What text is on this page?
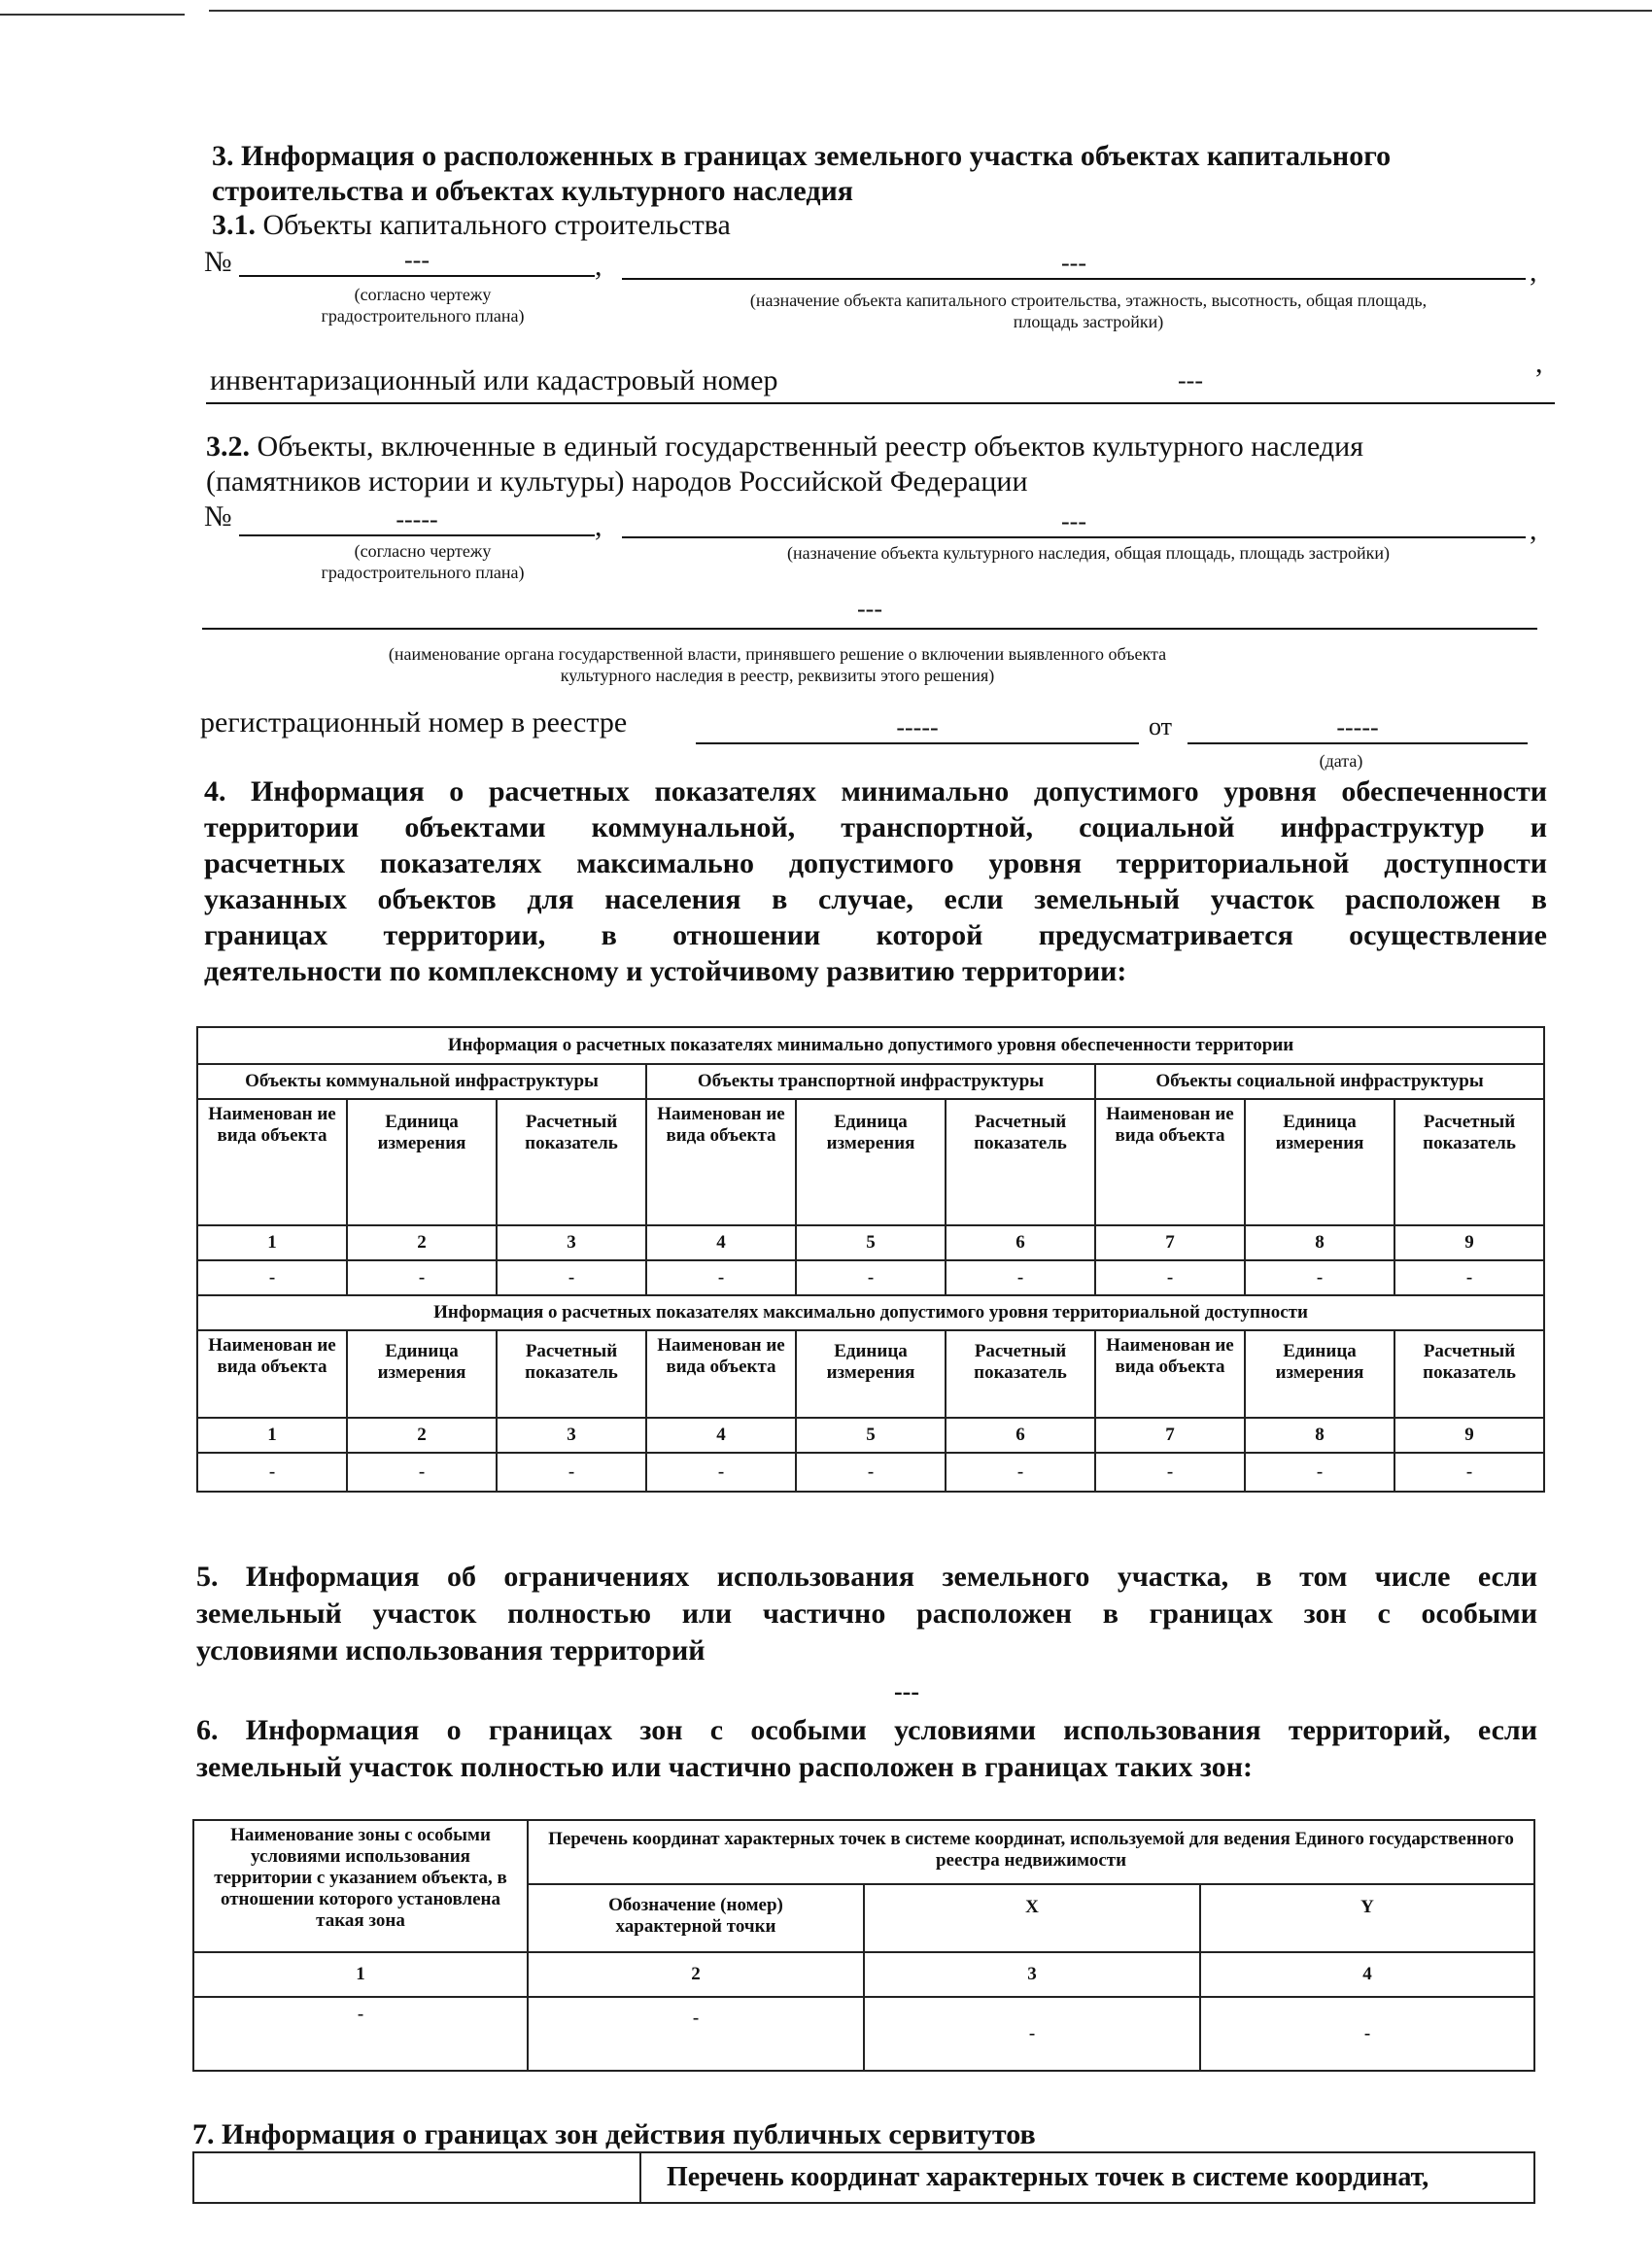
3. Информация о расположенных в границах земельного участка объектах капитального
строительства и объектах культурного наследия
3.1. Объекты капитального строительства
№	---	,	---	,
(согласно чертежу
градостроительного плана)
(назначение объекта капитального строительства, этажность, высотность, общая площадь,
площадь застройки)
инвентаризационный или кадастровый номер	---
,
3.2. Объекты, включенные в единый государственный реестр объектов культурного наследия
(памятников истории и культуры) народов Российской Федерации
№	-----	,	---	,
(согласно чертежу
градостроительного плана)
(назначение объекта культурного наследия, общая площадь, площадь застройки)
---
(наименование органа государственной власти, принявшего решение о включении выявленного объекта
культурного наследия в реестр, реквизиты этого решения)
регистрационный номер в реестре	-----	от	-----
(дата)
4. Информация о расчетных показателях минимально допустимого уровня обеспеченности
территории объектами коммунальной, транспортной, социальной инфраструктур и
расчетных показателях максимально допустимого уровня территориальной доступности
указанных объектов для населения в случае, если земельный участок расположен в
границах территории, в отношении которой предусматривается осуществление
деятельности по комплексному и устойчивому развитию территории:
Информация о расчетных показателях минимально допустимого уровня обеспеченности территории								
Объекты коммунальной инфраструктуры			Объекты транспортной инфраструктуры			Объекты социальной инфраструктуры		
Наименован ие вида объекта	Единица измерения	Расчетный показатель	Наименован ие вида объекта	Единица измерения	Расчетный показатель	Наименован ие вида объекта	Единица измерения	Расчетный показатель
1	2	3	4	5	6	7	8	9
-	-	-	-	-	-	-	-	-
Информация о расчетных показателях максимально допустимого уровня территориальной доступности								
Наименован ие вида объекта	Единица измерения	Расчетный показатель	Наименован ие вида объекта	Единица измерения	Расчетный показатель	Наименован ие вида объекта	Единица измерения	Расчетный показатель
1	2	3	4	5	6	7	8	9
-	-	-	-	-	-	-	-	-
5. Информация об ограничениях использования земельного участка, в том числе если
земельный участок полностью или частично расположен в границах зон с особыми
условиями использования территорий
---
6. Информация о границах зон с особыми условиями использования территорий, если
земельный участок полностью или частично расположен в границах таких зон:
Наименование зоны с особыми условиями использования территории с указанием объекта, в отношении которого установлена такая зона	Перечень координат характерных точек в системе координат, используемой для ведения Единого государственного реестра недвижимости		
	Обозначение (номер) характерной точки	X	Y
1	2	3	4
-	-	-	-
7. Информация о границах зон действия публичных сервитутов
	Перечень координат характерных точек в системе координат,
